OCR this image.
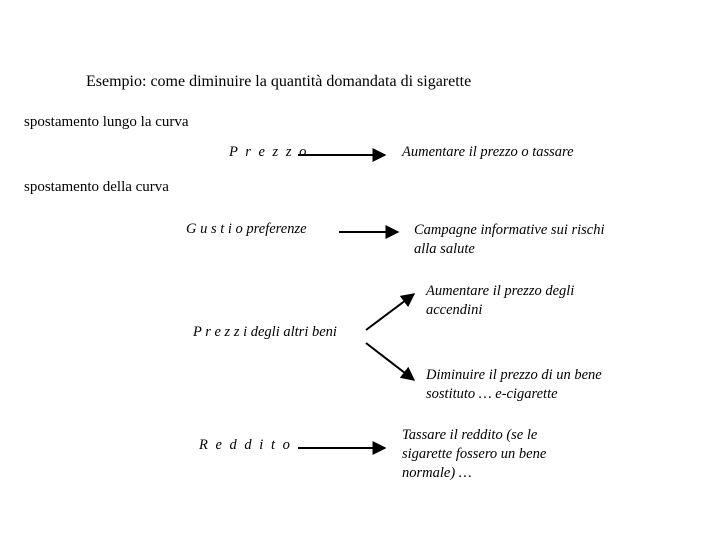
Esempio: come diminuire la quantità domandata di sigarette
spostamento lungo la curva
spostamento della curva
P r e z z o
G u s t i o preferenze
P r e z z i degli altri beni
R e d d i t o
Aumentare il prezzo o tassare
Campagne informative sui rischi
alla salute
Aumentare il prezzo degli
accendini
Diminuire il prezzo di un bene
sostituto … e-cigarette
Tassare il reddito (se le
sigarette fossero un bene
normale) …
